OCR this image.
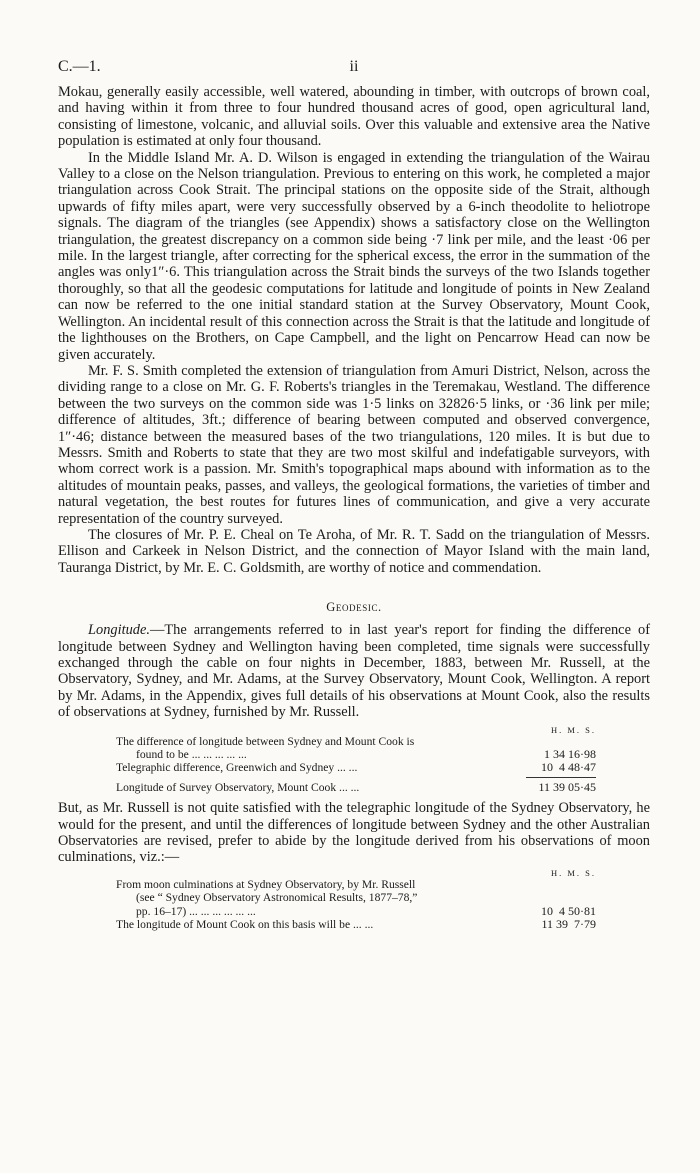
C.—1.	ii

Mokau, generally easily accessible, well watered, abounding in timber, with outcrops of brown coal, and having within it from three to four hundred thousand acres of good, open agricultural land, consisting of limestone, volcanic, and alluvial soils. Over this valuable and extensive area the Native population is estimated at only four thousand.

In the Middle Island Mr. A. D. Wilson is engaged in extending the triangulation of the Wairau Valley to a close on the Nelson triangulation. Previous to entering on this work, he completed a major triangulation across Cook Strait. The principal stations on the opposite side of the Strait, although upwards of fifty miles apart, were very successfully observed by a 6-inch theodolite to heliotrope signals. The diagram of the triangles (see Appendix) shows a satisfactory close on the Wellington triangulation, the greatest discrepancy on a common side being ·7 link per mile, and the least ·06 per mile. In the largest triangle, after correcting for the spherical excess, the error in the summation of the angles was only1″·6. This triangulation across the Strait binds the surveys of the two Islands together thoroughly, so that all the geodesic computations for latitude and longitude of points in New Zealand can now be referred to the one initial standard station at the Survey Observatory, Mount Cook, Wellington. An incidental result of this connection across the Strait is that the latitude and longitude of the lighthouses on the Brothers, on Cape Campbell, and the light on Pencarrow Head can now be given accurately.

Mr. F. S. Smith completed the extension of triangulation from Amuri District, Nelson, across the dividing range to a close on Mr. G. F. Roberts's triangles in the Teremakau, Westland. The difference between the two surveys on the common side was 1·5 links on 32826·5 links, or ·36 link per mile; difference of altitudes, 3ft.; difference of bearing between computed and observed convergence, 1″·46; distance between the measured bases of the two triangulations, 120 miles. It is but due to Messrs. Smith and Roberts to state that they are two most skilful and indefatigable surveyors, with whom correct work is a passion. Mr. Smith's topographical maps abound with information as to the altitudes of mountain peaks, passes, and valleys, the geological formations, the varieties of timber and natural vegetation, the best routes for futures lines of communication, and give a very accurate representation of the country surveyed.

The closures of Mr. P. E. Cheal on Te Aroha, of Mr. R. T. Sadd on the triangulation of Messrs. Ellison and Carkeek in Nelson District, and the connection of Mayor Island with the main land, Tauranga District, by Mr. E. C. Goldsmith, are worthy of notice and commendation.

Geodesic.

Longitude.—The arrangements referred to in last year's report for finding the difference of longitude between Sydney and Wellington having been completed, time signals were successfully exchanged through the cable on four nights in December, 1883, between Mr. Russell, at the Observatory, Sydney, and Mr. Adams, at the Survey Observatory, Mount Cook, Wellington. A report by Mr. Adams, in the Appendix, gives full details of his observations at Mount Cook, also the results of observations at Sydney, furnished by Mr. Russell.

H. M. S.
The difference of longitude between Sydney and Mount Cook is
found to be ... ... ... ... ...	1 34 16·98
Telegraphic difference, Greenwich and Sydney ... ...	10  4 48·47
Longitude of Survey Observatory, Mount Cook ... ...	11 39 05·45

But, as Mr. Russell is not quite satisfied with the telegraphic longitude of the Sydney Observatory, he would for the present, and until the differences of longitude between Sydney and the other Australian Observatories are revised, prefer to abide by the longitude derived from his observations of moon culminations, viz.:—

H. M. S.
From moon culminations at Sydney Observatory, by Mr. Russell
(see “ Sydney Observatory Astronomical Results, 1877–78,”
pp. 16–17) ... ... ... ... ... ...	10  4 50·81
The longitude of Mount Cook on this basis will be ... ...	11 39  7·79
